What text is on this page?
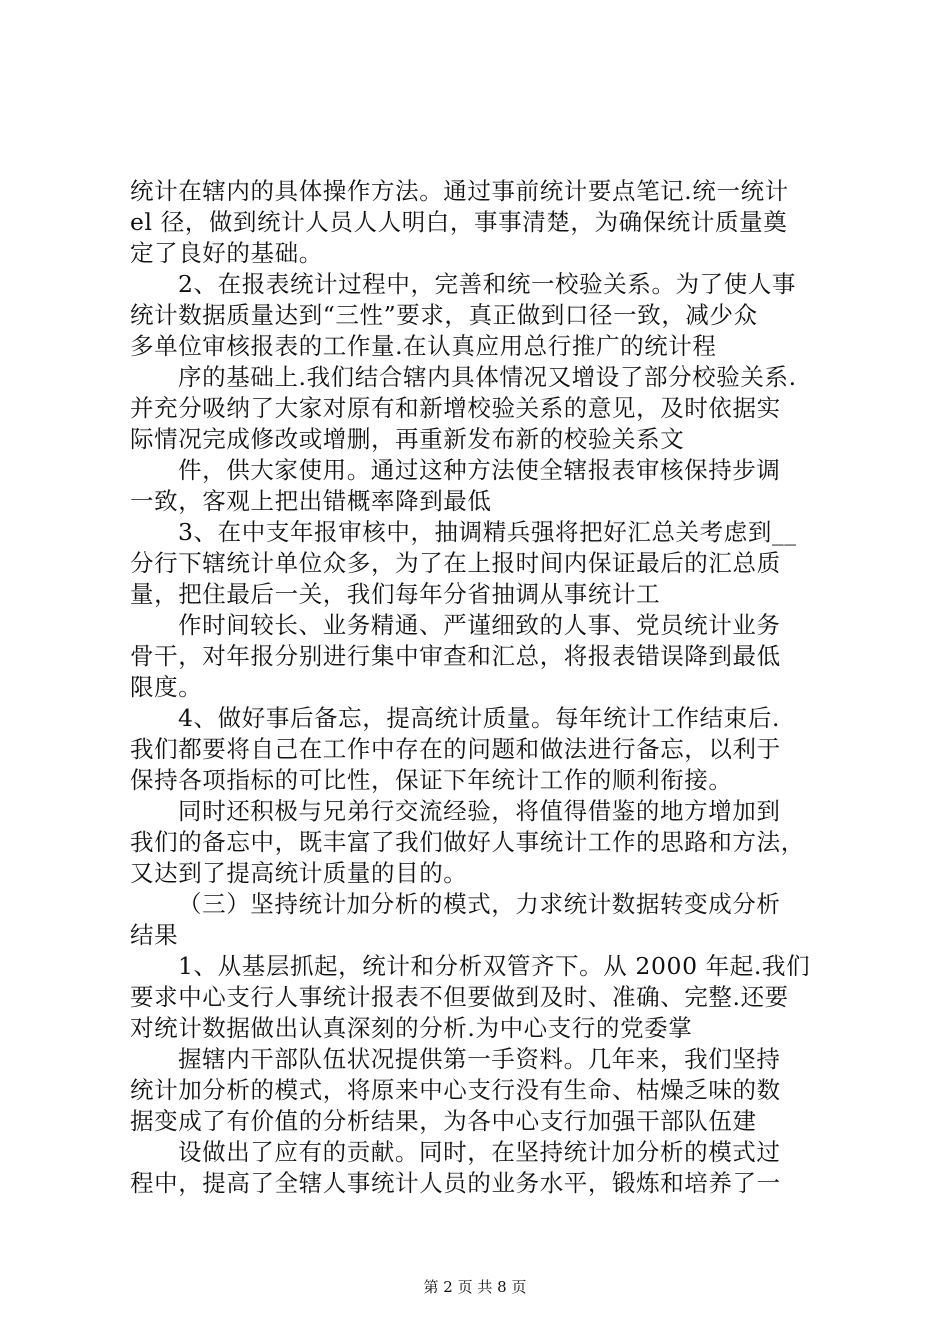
统计在辖内的具体操作方法。通过事前统计要点笔记.统一统计
el 径，做到统计人员人人明白，事事清楚，为确保统计质量奠
定了良好的基础。
2、在报表统计过程中，完善和统一校验关系。为了使人事
统计数据质量达到“三性”要求，真正做到口径一致，减少众
多单位审核报表的工作量.在认真应用总行推广的统计程
序的基础上.我们结合辖内具体情况又增设了部分校验关系.
并充分吸纳了大家对原有和新增校验关系的意见，及时依据实
际情况完成修改或增删，再重新发布新的校验关系文
件，供大家使用。通过这种方法使全辖报表审核保持步调
一致，客观上把出错概率降到最低
3、在中支年报审核中，抽调精兵强将把好汇总关考虑到__
分行下辖统计单位众多，为了在上报时间内保证最后的汇总质
量，把住最后一关，我们每年分省抽调从事统计工
作时间较长、业务精通、严谨细致的人事、党员统计业务
骨干，对年报分别进行集中审查和汇总，将报表错误降到最低
限度。
4、做好事后备忘，提高统计质量。每年统计工作结束后.
我们都要将自己在工作中存在的问题和做法进行备忘，以利于
保持各项指标的可比性，保证下年统计工作的顺利衔接。
同时还积极与兄弟行交流经验，将值得借鉴的地方增加到
我们的备忘中，既丰富了我们做好人事统计工作的思路和方法，
又达到了提高统计质量的目的。
（三）坚持统计加分析的模式，力求统计数据转变成分析
结果
1、从基层抓起，统计和分析双管齐下。从 2000 年起.我们
要求中心支行人事统计报表不但要做到及时、准确、完整.还要
对统计数据做出认真深刻的分析.为中心支行的党委掌
握辖内干部队伍状况提供第一手资料。几年来，我们坚持
统计加分析的模式，将原来中心支行没有生命、枯燥乏味的数
据变成了有价值的分析结果，为各中心支行加强干部队伍建
设做出了应有的贡献。同时，在坚持统计加分析的模式过
程中，提高了全辖人事统计人员的业务水平，锻炼和培养了一
第 2 页 共 8 页
